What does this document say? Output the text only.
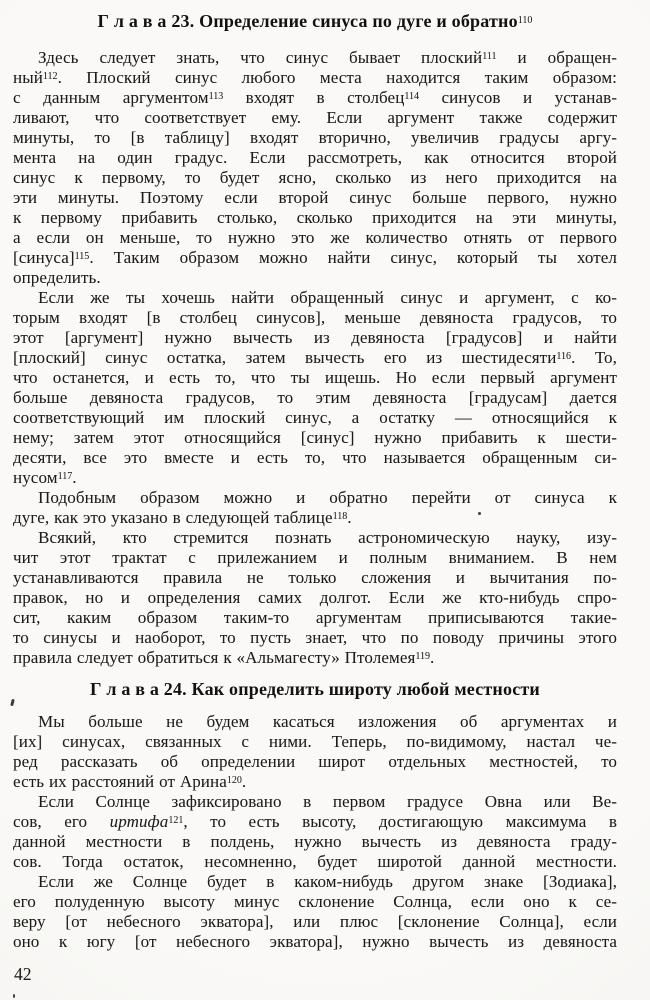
Г л а в а 23. Определение синуса по дуге и обратно$^{110}$
Здесь следует знать, что синус бывает плоский$^{111}$ и обращен-
ный$^{112}$. Плоский синус любого места находится таким образом:
с данным аргументом$^{113}$ входят в столбец$^{114}$ синусов и устанав-
ливают, что соответствует ему. Если аргумент также содержит
минуты, то [в таблицу] входят вторично, увеличив градусы аргу-
мента на один градус. Если рассмотреть, как относится второй
синус к первому, то будет ясно, сколько из него приходится на
эти минуты. Поэтому если второй синус больше первого, нужно
к первому прибавить столько, сколько приходится на эти минуты,
а если он меньше, то нужно это же количество отнять от первого
[синуса]$^{115}$. Таким образом можно найти синус, который ты хотел
определить.
Если же ты хочешь найти обращенный синус и аргумент, с ко-
торым входят [в столбец синусов], меньше девяноста градусов, то
этот [аргумент] нужно вычесть из девяноста [градусов] и найти
[плоский] синус остатка, затем вычесть его из шестидесяти$^{116}$. То,
что останется, и есть то, что ты ищешь. Но если первый аргумент
больше девяноста градусов, то этим девяноста [градусам] дается
соответствующий им плоский синус, а остатку — относящийся к
нему; затем этот относящийся [синус] нужно прибавить к шести-
десяти, все это вместе и есть то, что называется обращенным си-
нусом$^{117}$.
Подобным образом можно и обратно перейти от синуса к
дуге, как это указано в следующей таблице$^{118}$.
Всякий, кто стремится познать астрономическую науку, изу-
чит этот трактат с прилежанием и полным вниманием. В нем
устанавливаются правила не только сложения и вычитания по-
правок, но и определения самих долгот. Если же кто-нибудь спро-
сит, каким образом таким-то аргументам приписываются такие-
то синусы и наоборот, то пусть знает, что по поводу причины этого
правила следует обратиться к «Альмагесту» Птолемея$^{119}$.
Г л а в а 24. Как определить широту любой местности
Мы больше не будем касаться изложения об аргументах и
[их] синусах, связанных с ними. Теперь, по-видимому, настал че-
ред рассказать об определении широт отдельных местностей, то
есть их расстояний от Арина$^{120}$.
Если Солнце зафиксировано в первом градусе Овна или Ве-
сов, его иртифа$^{121}$, то есть высоту, достигающую максимума в
данной местности в полдень, нужно вычесть из девяноста граду-
сов. Тогда остаток, несомненно, будет широтой данной местности.
Если же Солнце будет в каком-нибудь другом знаке [Зодиака],
его полуденную высоту минус склонение Солнца, если оно к се-
веру [от небесного экватора], или плюс [склонение Солнца], если
оно к югу [от небесного экватора], нужно вычесть из девяноста
42
